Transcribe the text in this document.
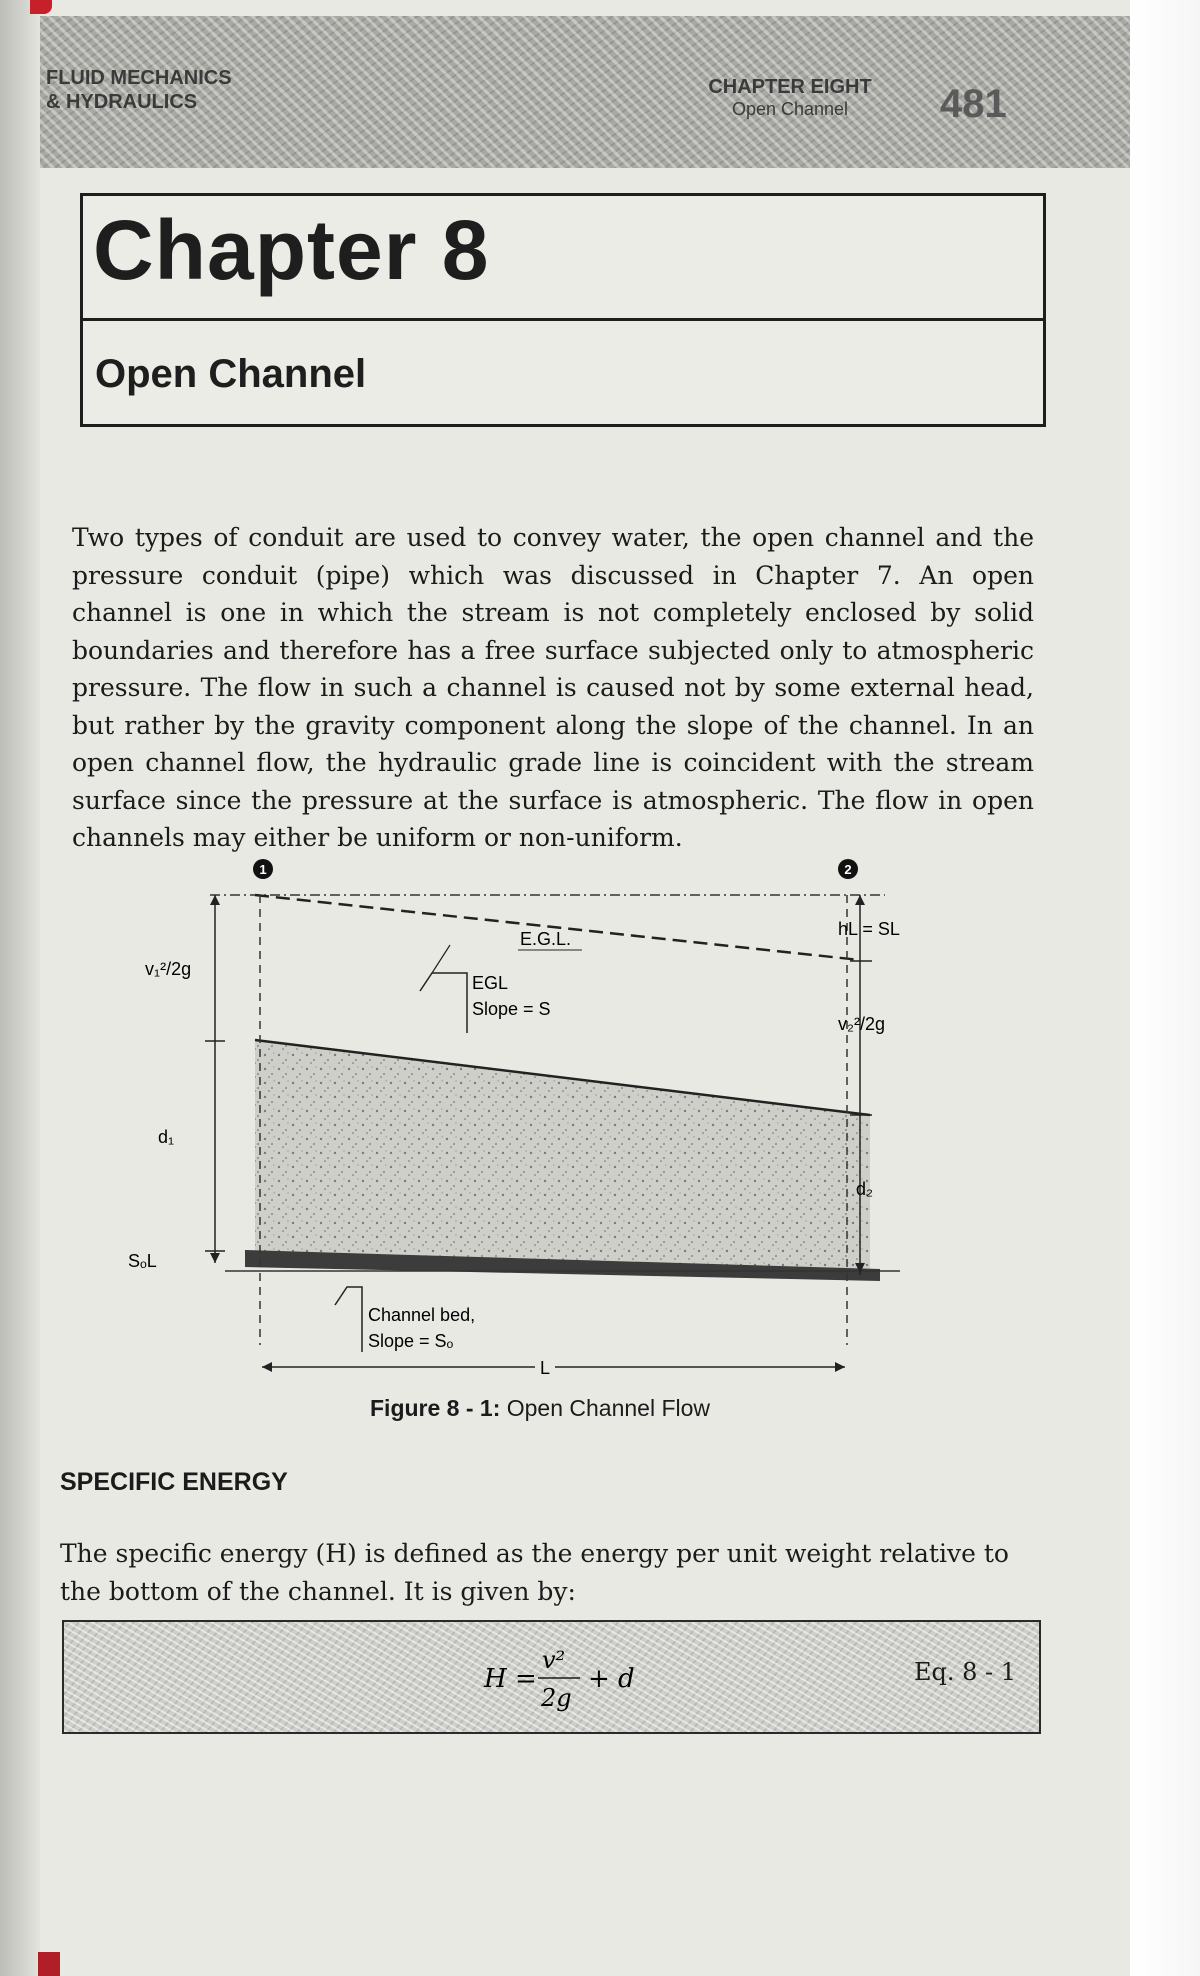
FLUID MECHANICS
& HYDRAULICS
CHAPTER EIGHT
Open Channel	481
Chapter 8
Open Channel

Two types of conduit are used to convey water, the open channel and the pressure conduit (pipe) which was discussed in Chapter 7. An open channel is one in which the stream is not completely enclosed by solid boundaries and therefore has a free surface subjected only to atmospheric pressure. The flow in such a channel is caused not by some external head, but rather by the gravity component along the slope of the channel. In an open channel flow, the hydraulic grade line is coincident with the stream surface since the pressure at the surface is atmospheric. The flow in open channels may either be uniform or non-uniform.

1	2
v₁²/2g
d₁
SₒL
hL = SL
v₂²/2g
d₂
E.G.L.
EGL
Slope = S
Channel bed,
Slope = Sₒ
L
Figure 8 - 1: Open Channel Flow
SPECIFIC ENERGY

The specific energy (H) is defined as the energy per unit weight relative to the bottom of the channel. It is given by:

H =
v²
2g
+ d	Eq. 8 - 1
